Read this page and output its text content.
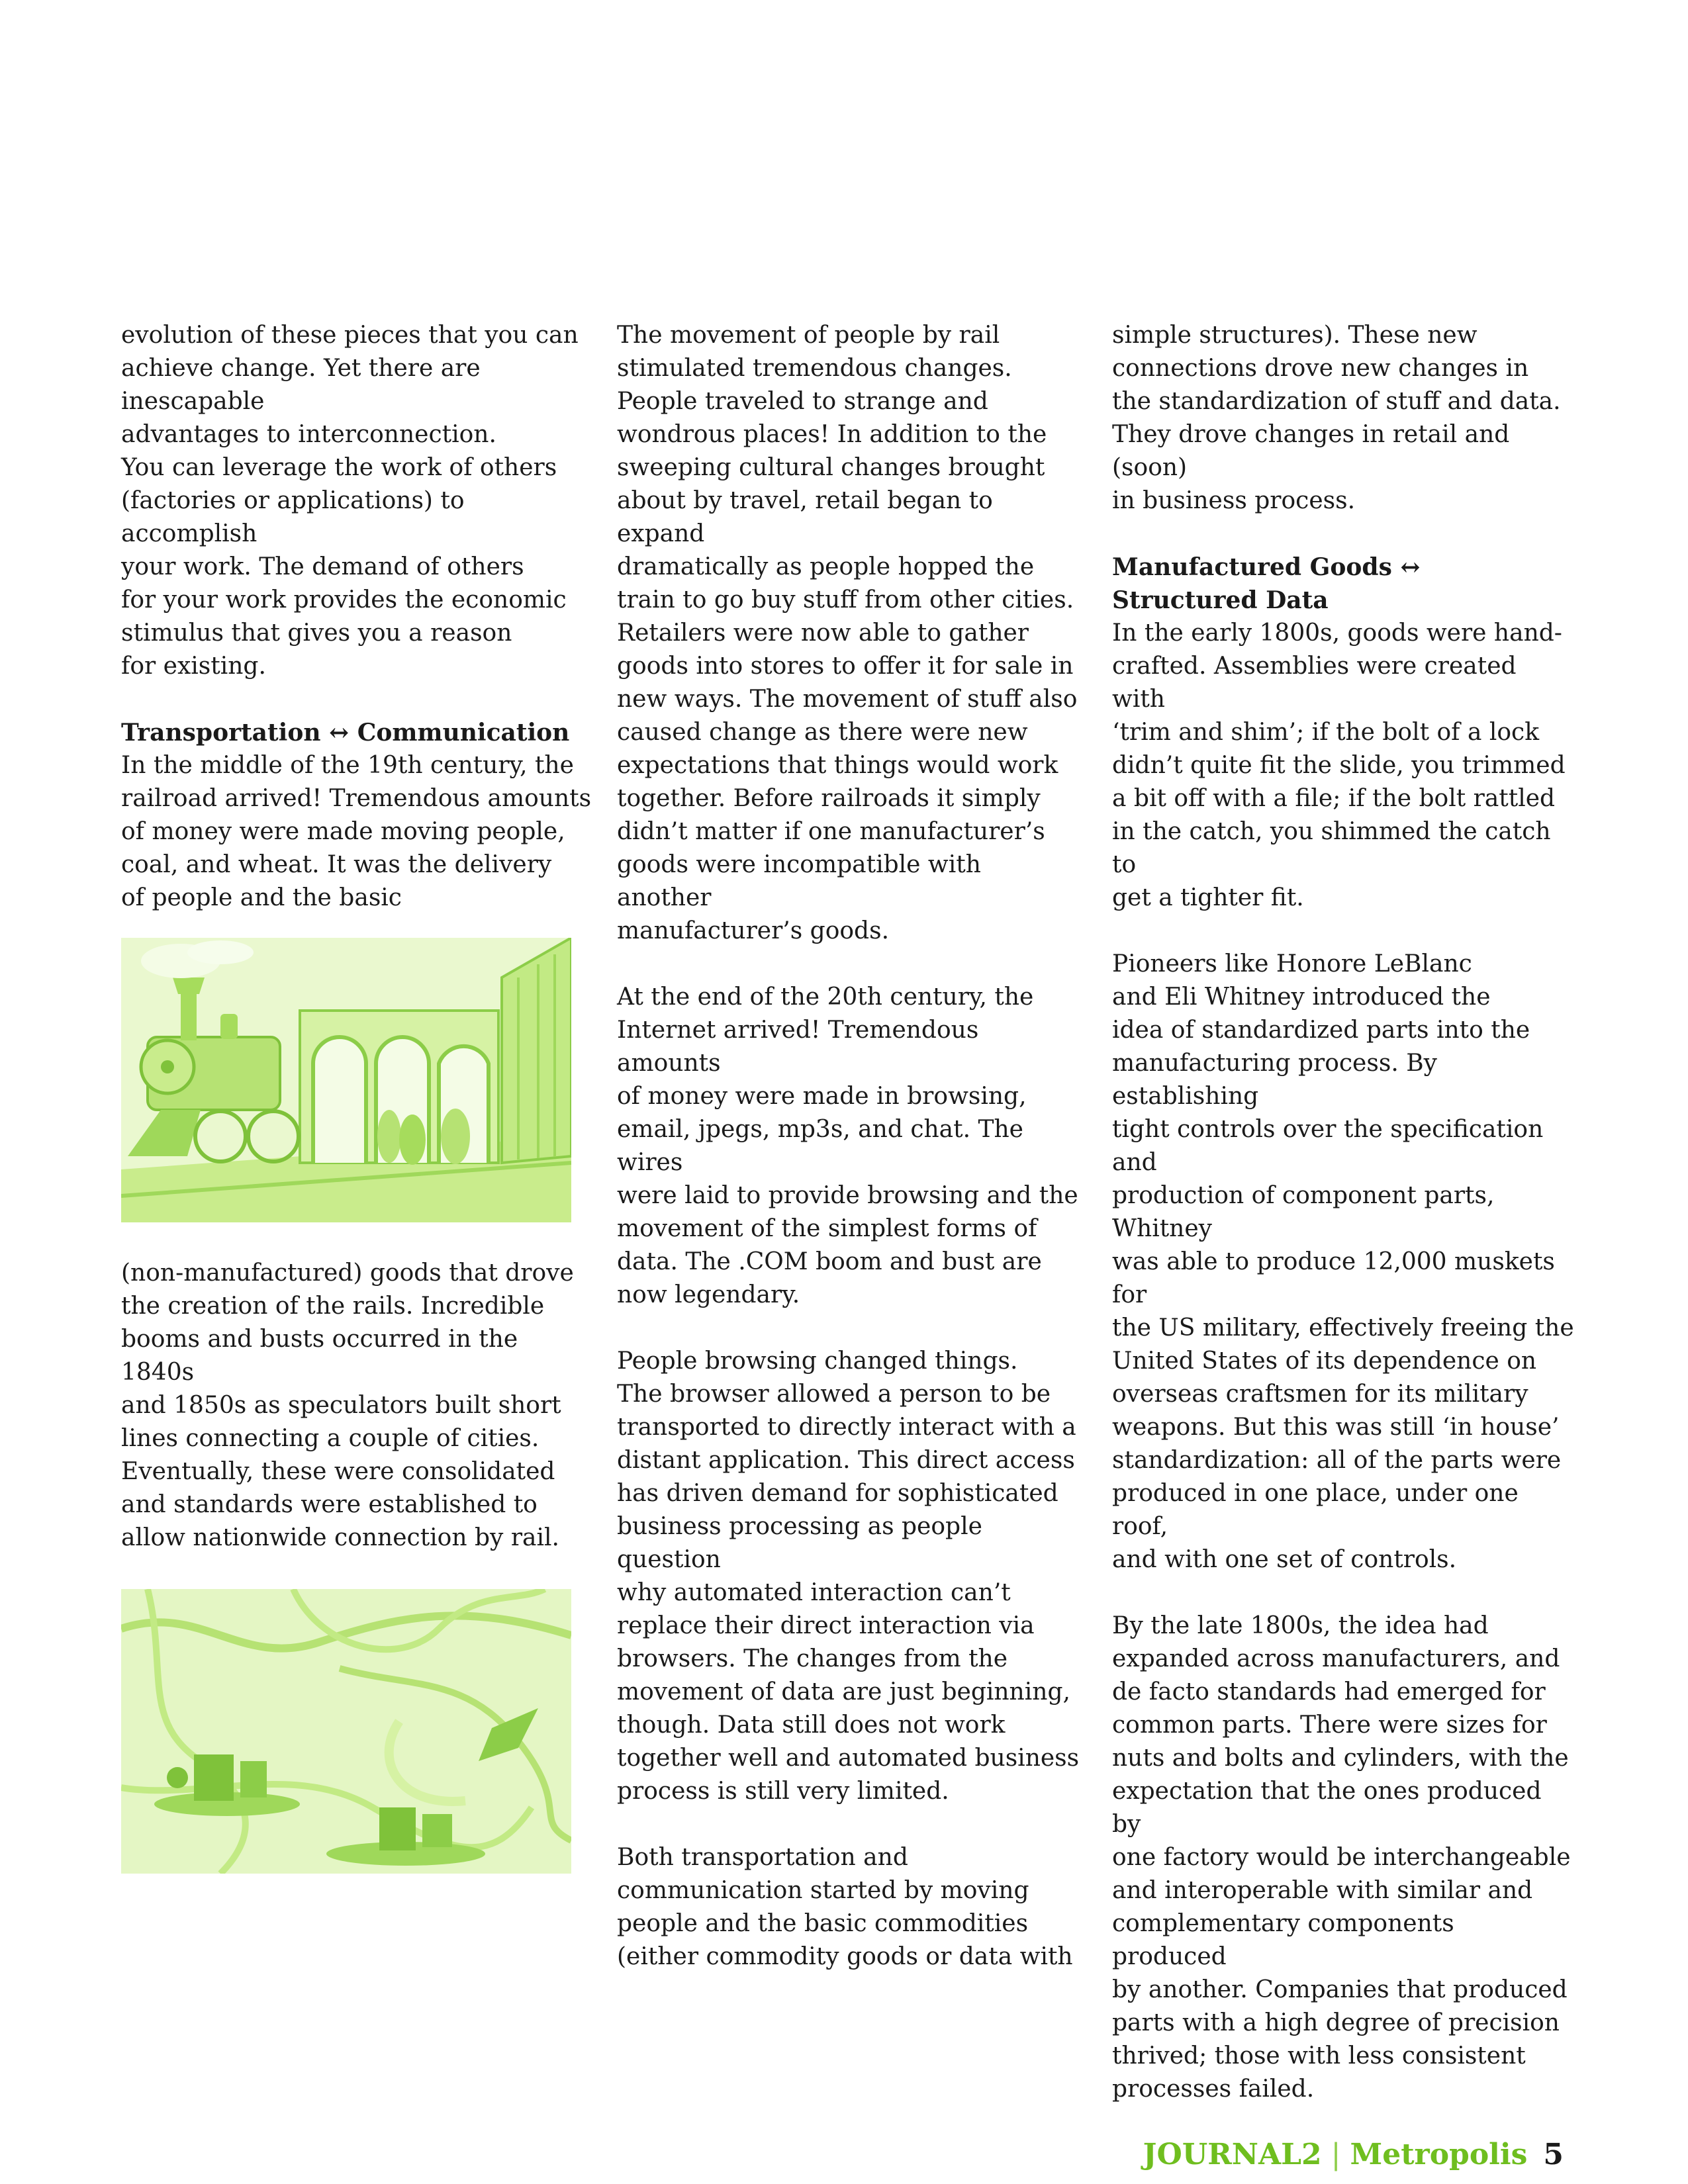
evolution of these pieces that you can
achieve change. Yet there are inescapable
advantages to interconnection.
You can leverage the work of others
(factories or applications) to accomplish
your work. The demand of others
for your work provides the economic
stimulus that gives you a reason
for existing.

Transportation ↔ Communication

In the middle of the 19th century, the
railroad arrived! Tremendous amounts
of money were made moving people,
coal, and wheat. It was the delivery
of people and the basic

(non-manufactured) goods that drove
the creation of the rails. Incredible
booms and busts occurred in the 1840s
and 1850s as speculators built short
lines connecting a couple of cities.
Eventually, these were consolidated
and standards were established to
allow nationwide connection by rail.

The movement of people by rail
stimulated tremendous changes.
People traveled to strange and
wondrous places! In addition to the
sweeping cultural changes brought
about by travel, retail began to expand
dramatically as people hopped the
train to go buy stuff from other cities.
Retailers were now able to gather
goods into stores to offer it for sale in
new ways. The movement of stuff also
caused change as there were new
expectations that things would work
together. Before railroads it simply
didn’t matter if one manufacturer’s
goods were incompatible with another
manufacturer’s goods.

At the end of the 20th century, the
Internet arrived! Tremendous amounts
of money were made in browsing,
email, jpegs, mp3s, and chat. The wires
were laid to provide browsing and the
movement of the simplest forms of
data. The .COM boom and bust are
now legendary.

People browsing changed things.
The browser allowed a person to be
transported to directly interact with a
distant application. This direct access
has driven demand for sophisticated
business processing as people question
why automated interaction can’t
replace their direct interaction via
browsers. The changes from the
movement of data are just beginning,
though. Data still does not work
together well and automated business
process is still very limited.

Both transportation and
communication started by moving
people and the basic commodities
(either commodity goods or data with

simple structures). These new
connections drove new changes in
the standardization of stuff and data.
They drove changes in retail and (soon)
in business process.

Manufactured Goods ↔
Structured Data

In the early 1800s, goods were hand-
crafted. Assemblies were created with
‘trim and shim’; if the bolt of a lock
didn’t quite fit the slide, you trimmed
a bit off with a file; if the bolt rattled
in the catch, you shimmed the catch to
get a tighter fit.

Pioneers like Honore LeBlanc
and Eli Whitney introduced the
idea of standardized parts into the
manufacturing process. By establishing
tight controls over the specification and
production of component parts, Whitney
was able to produce 12,000 muskets for
the US military, effectively freeing the
United States of its dependence on
overseas craftsmen for its military
weapons. But this was still ‘in house’
standardization: all of the parts were
produced in one place, under one roof,
and with one set of controls.

By the late 1800s, the idea had
expanded across manufacturers, and
de facto standards had emerged for
common parts. There were sizes for
nuts and bolts and cylinders, with the
expectation that the ones produced by
one factory would be interchangeable
and interoperable with similar and
complementary components produced
by another. Companies that produced
parts with a high degree of precision
thrived; those with less consistent
processes failed.

JOURNAL2 | Metropolis 5
